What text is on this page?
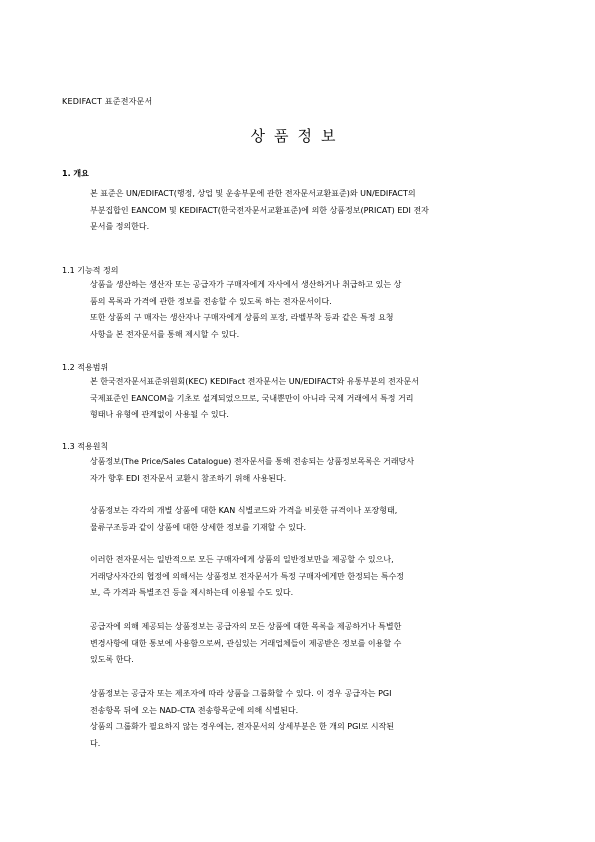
KEDIFACT 표준전자문서
상품정보
1. 개요
본 표준은 UN/EDIFACT(행정, 상업 및 운송부문에 관한 전자문서교환표준)와 UN/EDIFACT의
부분집합인 EANCOM 및 KEDIFACT(한국전자문서교환표준)에 의한 상품정보(PRICAT) EDI 전자
문서를 정의한다.
1.1 기능적 정의
상품을 생산하는 생산자 또는 공급자가 구매자에게 자사에서 생산하거나 취급하고 있는 상
품의 목록과 가격에 관한 정보를 전송할 수 있도록 하는 전자문서이다.
또한 상품의 구 매자는 생산자나 구매자에게 상품의 포장, 라벨부착 등과 같은 특정 요청
사항을 본 전자문서를 통해 제시할 수 있다.
1.2 적용범위
본 한국전자문서표준위원회(KEC) KEDIFact 전자문서는 UN/EDIFACT와 유통부분의 전자문서
국제표준인 EANCOM을 기초로 설계되었으므로, 국내뿐만이 아니라 국제 거래에서 특정 거리
형태나 유형에 관계없이 사용될 수 있다.
1.3 적용원칙
상품정보(The Price/Sales Catalogue) 전자문서를 통해 전송되는 상품정보목록은 거래당사
자가 향후 EDI 전자문서 교환시 참조하기 위해 사용된다.
상품정보는 각각의 개별 상품에 대한 KAN 식별코드와 가격을 비롯한 규격이나 포장형태,
물류구조등과 같이 상품에 대한 상세한 정보를 기재할 수 있다.
이러한 전자문서는 일반적으로 모든 구매자에게 상품의 일반정보만을 제공할 수 있으나,
거래당사자간의 협정에 의해서는 상품정보 전자문서가 특정 구매자에게만 한정되는 특수정
보, 즉 가격과 특별조건 등을 제시하는데 이용될 수도 있다.
공급자에 의해 제공되는 상품정보는 공급자의 모든 상품에 대한 목록을 제공하거나 특별한
변경사항에 대한 통보에 사용함으로써, 관심있는 거래업체들이 제공받은 정보를 이용할 수
있도록 한다.
상품정보는 공급자 또는 제조자에 따라 상품을 그룹화할 수 있다. 이 경우 공급자는 PGI
전송항목 뒤에 오는 NAD-CTA 전송항목군에 의해 식별된다.
상품의 그룹화가 필요하지 않는 경우에는, 전자문서의 상세부분은 한 개의 PGI로 시작된
다.
